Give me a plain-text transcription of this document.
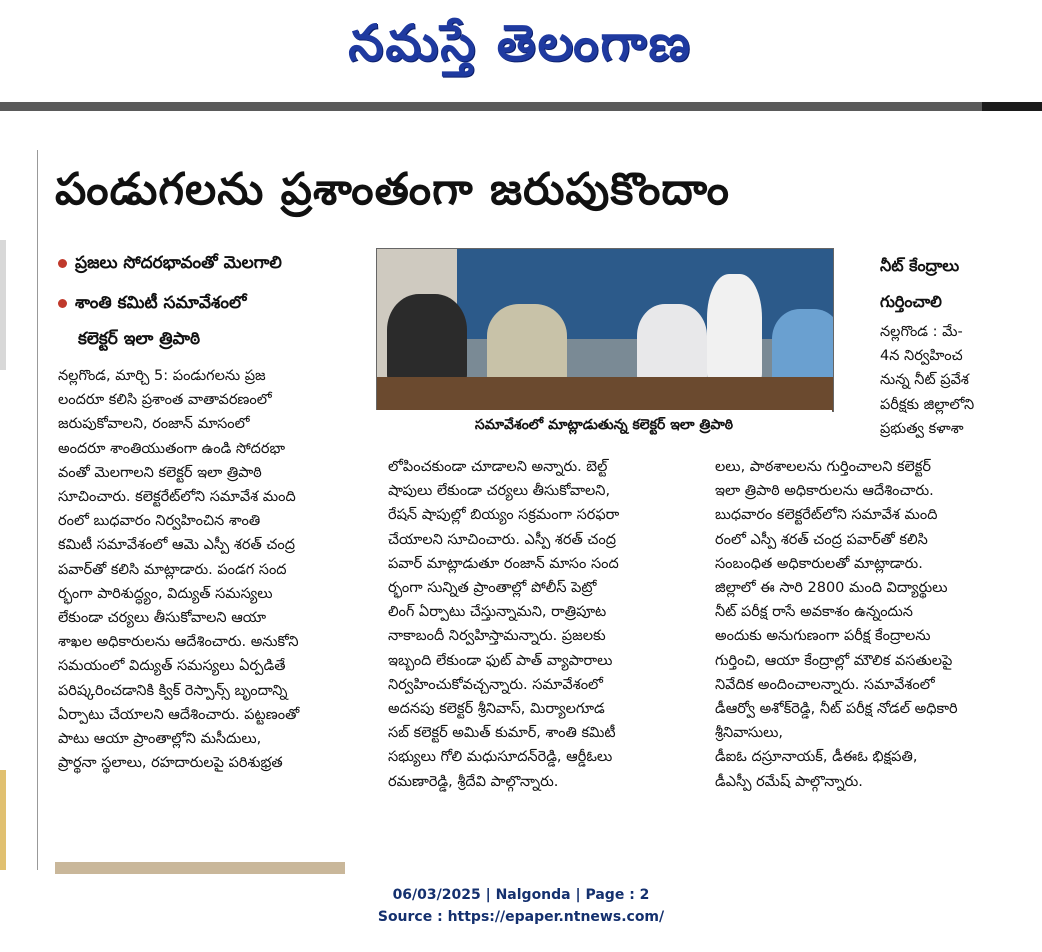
నమస్తే తెలంగాణ
పండుగలను ప్రశాంతంగా జరుపుకొందాం
ప్రజలు సోదరభావంతో మెలగాలి
శాంతి కమిటీ సమావేశంలో
కలెక్టర్ ఇలా త్రిపాఠి

నల్లగొండ, మార్చి 5: పండుగలను ప్రజ

లందరూ కలిసి ప్రశాంత వాతావరణంలో

జరుపుకోవాలని, రంజాన్ మాసంలో

అందరూ శాంతియుతంగా ఉండి సోదరభా

వంతో మెలగాలని కలెక్టర్ ఇలా త్రిపాఠి

సూచించారు. కలెక్టరేట్‌లోని సమావేశ మంది

రంలో బుధవారం నిర్వహించిన శాంతి

కమిటీ సమావేశంలో ఆమె ఎస్పీ శరత్ చంద్ర

పవార్‌తో కలిసి మాట్లాడారు. పండగ సంద

ర్భంగా పారిశుద్ధ్యం, విద్యుత్ సమస్యలు

లేకుండా చర్యలు తీసుకోవాలని ఆయా

శాఖల అధికారులను ఆదేశించారు. అనుకోని

సమయంలో విద్యుత్ సమస్యలు ఏర్పడితే

పరిష్కరించడానికి క్విక్ రెస్పాన్స్ బృందాన్ని

ఏర్పాటు చేయాలని ఆదేశించారు. పట్టణంతో

పాటు ఆయా ప్రాంతాల్లోని మసీదులు,

ప్రార్థనా స్థలాలు, రహదారులపై పరిశుభ్రత

సమావేశంలో మాట్లాడుతున్న కలెక్టర్ ఇలా త్రిపాఠి

లోపించకుండా చూడాలని అన్నారు. బెల్ట్

షాపులు లేకుండా చర్యలు తీసుకోవాలని,

రేషన్ షాపుల్లో బియ్యం సక్రమంగా సరఫరా

చేయాలని సూచించారు. ఎస్పీ శరత్ చంద్ర

పవార్ మాట్లాడుతూ రంజాన్ మాసం సంద

ర్భంగా సున్నిత ప్రాంతాల్లో పోలీస్ పెట్రో

లింగ్ ఏర్పాటు చేస్తున్నామని, రాత్రిపూట

నాకాబందీ నిర్వహిస్తామన్నారు. ప్రజలకు

ఇబ్బంది లేకుండా ఫుట్ పాత్ వ్యాపారాలు

నిర్వహించుకోవచ్చన్నారు. సమావేశంలో

అదనపు కలెక్టర్ శ్రీనివాస్, మిర్యాలగూడ

సబ్ కలెక్టర్ అమిత్ కుమార్, శాంతి కమిటీ

సభ్యులు గోలి మధుసూదన్‌రెడ్డి, ఆర్డీఓలు

రమణారెడ్డి, శ్రీదేవి పాల్గొన్నారు.

నీట్ కేంద్రాలు
గుర్తించాలి

నల్లగొండ : మే-

4న నిర్వహించ

నున్న నీట్ ప్రవేశ

పరీక్షకు జిల్లాలోని

ప్రభుత్వ కళాశా

లలు, పాఠశాలలను గుర్తించాలని కలెక్టర్

ఇలా త్రిపాఠి అధికారులను ఆదేశించారు.

బుధవారం కలెక్టరేట్‌లోని సమావేశ మంది

రంలో ఎస్పీ శరత్ చంద్ర పవార్‌తో కలిసి

సంబంధిత అధికారులతో మాట్లాడారు.

జిల్లాలో ఈ సారి 2800 మంది విద్యార్థులు

నీట్ పరీక్ష రాసే అవకాశం ఉన్నందున

అందుకు అనుగుణంగా పరీక్ష కేంద్రాలను

గుర్తించి, ఆయా కేంద్రాల్లో మౌలిక వసతులపై

నివేదిక అందించాలన్నారు. సమావేశంలో

డీఆర్వో అశోక్‌రెడ్డి, నీట్ పరీక్ష నోడల్ అధికారి

శ్రీనివాసులు,

డీఐఓ దస్రూనాయక్, డీఈఓ భిక్షపతి,

డీఎస్పీ రమేష్ పాల్గొన్నారు.

06/03/2025 | Nalgonda | Page : 2
Source : https://epaper.ntnews.com/
